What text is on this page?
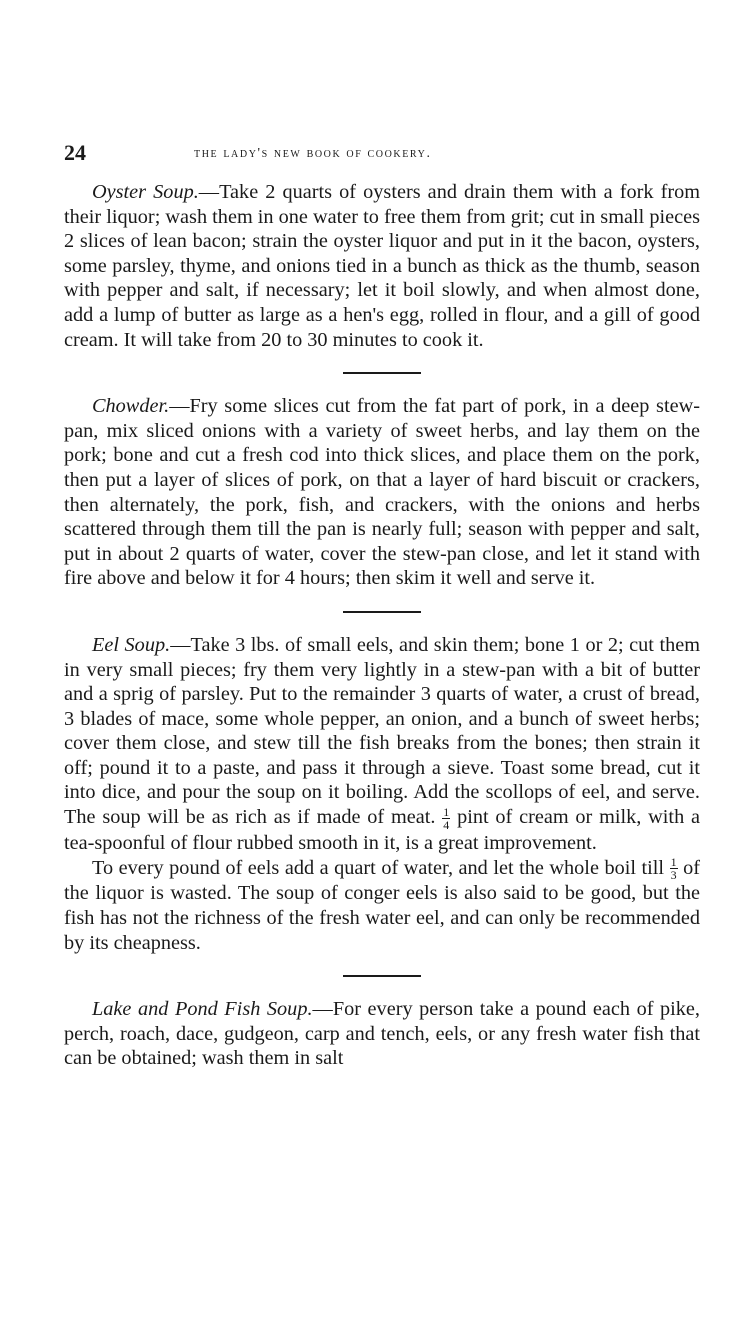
24	the lady's new book of cookery.

Oyster Soup.—Take 2 quarts of oysters and drain them with a fork from their liquor; wash them in one water to free them from grit; cut in small pieces 2 slices of lean bacon; strain the oyster liquor and put in it the bacon, oysters, some parsley, thyme, and onions tied in a bunch as thick as the thumb, season with pepper and salt, if necessary; let it boil slowly, and when almost done, add a lump of butter as large as a hen's egg, rolled in flour, and a gill of good cream. It will take from 20 to 30 minutes to cook it.

Chowder.—Fry some slices cut from the fat part of pork, in a deep stew-pan, mix sliced onions with a variety of sweet herbs, and lay them on the pork; bone and cut a fresh cod into thick slices, and place them on the pork, then put a layer of slices of pork, on that a layer of hard biscuit or crackers, then alternately, the pork, fish, and crackers, with the onions and herbs scattered through them till the pan is nearly full; season with pepper and salt, put in about 2 quarts of water, cover the stew-pan close, and let it stand with fire above and below it for 4 hours; then skim it well and serve it.

Eel Soup.—Take 3 lbs. of small eels, and skin them; bone 1 or 2; cut them in very small pieces; fry them very lightly in a stew-pan with a bit of butter and a sprig of parsley. Put to the remainder 3 quarts of water, a crust of bread, 3 blades of mace, some whole pepper, an onion, and a bunch of sweet herbs; cover them close, and stew till the fish breaks from the bones; then strain it off; pound it to a paste, and pass it through a sieve. Toast some bread, cut it into dice, and pour the soup on it boiling. Add the scollops of eel, and serve. The soup will be as rich as if made of meat. $\frac{1}{4}$ pint of cream or milk, with a tea-spoonful of flour rubbed smooth in it, is a great improvement.

To every pound of eels add a quart of water, and let the whole boil till $\frac{1}{3}$ of the liquor is wasted. The soup of conger eels is also said to be good, but the fish has not the richness of the fresh water eel, and can only be recommended by its cheapness.

Lake and Pond Fish Soup.—For every person take a pound each of pike, perch, roach, dace, gudgeon, carp and tench, eels, or any fresh water fish that can be obtained; wash them in salt
